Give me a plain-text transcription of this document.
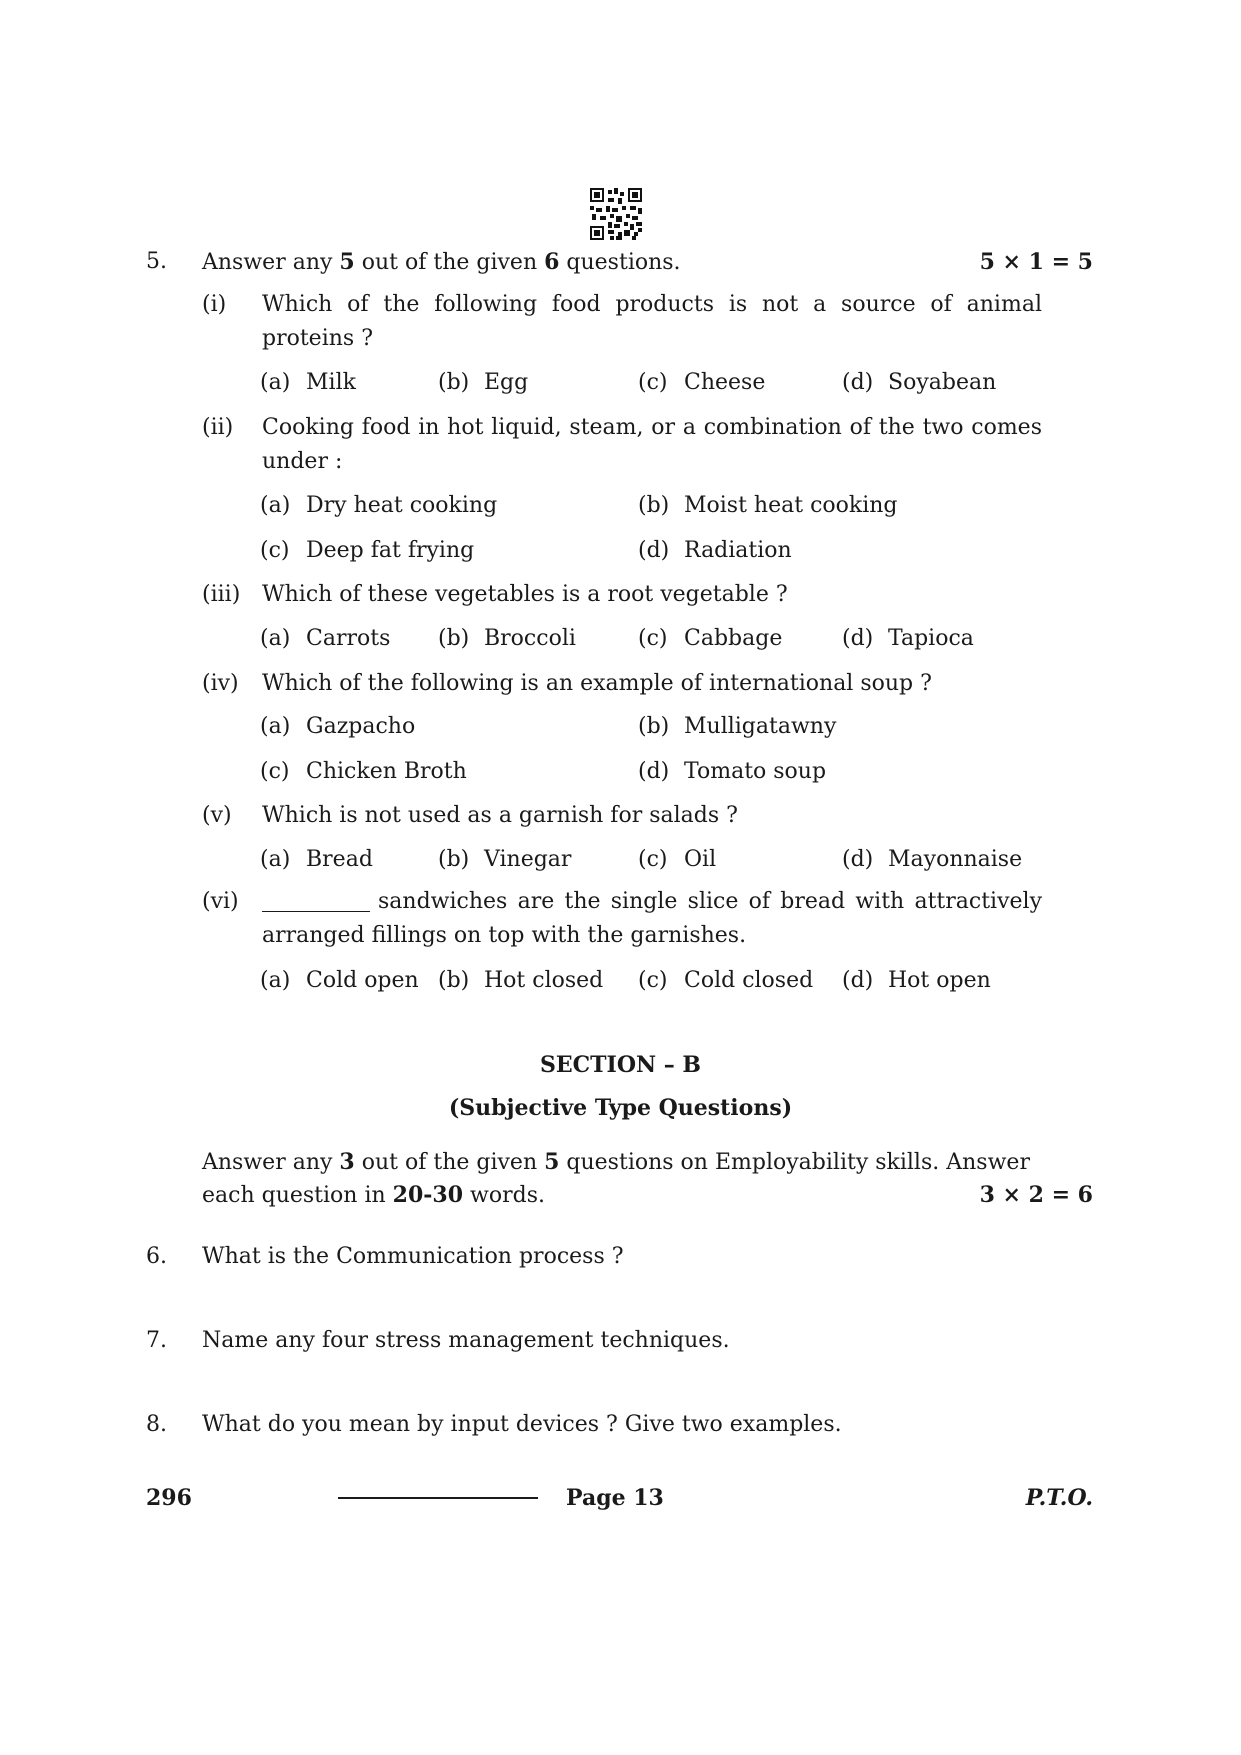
5. Answer any 5 out of the given 6 questions.	5 × 1 = 5
(i) Which of the following food products is not a source of animal proteins ?
(a) Milk	(b) Egg	(c) Cheese	(d) Soyabean
(ii) Cooking food in hot liquid, steam, or a combination of the two comes under :
(a) Dry heat cooking	(b) Moist heat cooking
(c) Deep fat frying	(d) Radiation
(iii) Which of these vegetables is a root vegetable ?
(a) Carrots (b) Broccoli	(c) Cabbage	(d) Tapioca
(iv) Which of the following is an example of international soup ?
(a) Gazpacho	(b) Mulligatawny
(c) Chicken Broth	(d) Tomato soup
(v) Which is not used as a garnish for salads ?
(a) Bread	(b) Vinegar	(c) Oil	(d) Mayonnaise
(vi)	sandwiches are the single slice of bread with attractively arranged fillings on top with the garnishes.
(a) Cold open (b) Hot closed (c) Cold closed (d) Hot open
SECTION – B
(Subjective Type Questions)
Answer any 3 out of the given 5 questions on Employability skills. Answer
each question in 20-30 words.	3 × 2 = 6
6. What is the Communication process ?
7. Name any four stress management techniques.
8. What do you mean by input devices ? Give two examples.
296	Page 13	P.T.O.
